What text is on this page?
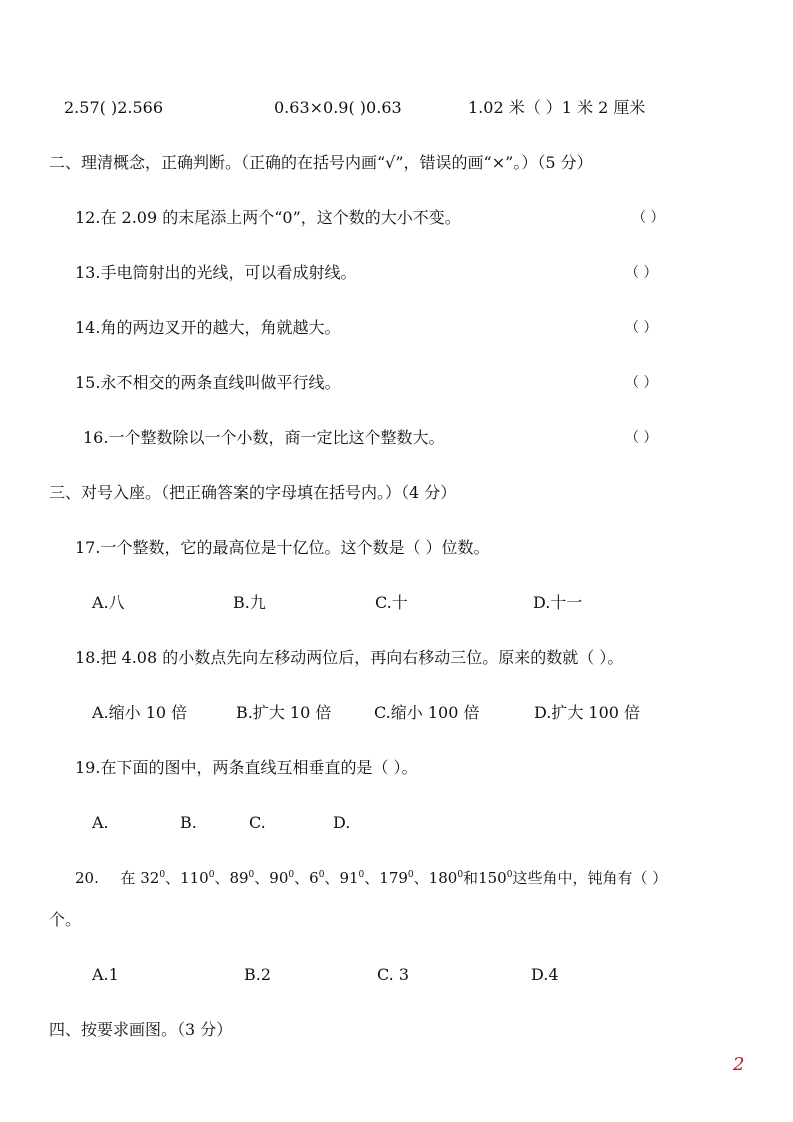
2.57( )2.566	0.63×0.9( )0.63	1.02 米（ ）1 米 2 厘米
二、理清概念，正确判断。（正确的在括号内画“√”，错误的画“×”。）（5 分）
12.在 2.09 的末尾添上两个“0”，这个数的大小不变。	（ ）
13.手电筒射出的光线，可以看成射线。	（ ）
14.角的两边叉开的越大，角就越大。	（ ）
15.永不相交的两条直线叫做平行线。	（ ）
16.一个整数除以一个小数，商一定比这个整数大。	（ ）
三、对号入座。（把正确答案的字母填在括号内。）（4 分）
17.一个整数，它的最高位是十亿位。这个数是（ ）位数。
A.八	B.九	C.十	D.十一
18.把 4.08 的小数点先向左移动两位后，再向右移动三位。原来的数就（ ）。
A.缩小 10 倍	B.扩大 10 倍	C.缩小 100 倍	D.扩大 100 倍
19.在下面的图中，两条直线互相垂直的是（ ）。
A.	B.	C.	D.
20. 在 $32^0$、$110^0$、$89^0$、$90^0$、$6^0$、$91^0$、$179^0$、$180^0$和$150^0$这些角中，钝角有（ ）
个。
A.1	B.2	C. 3	D.4
四、按要求画图。（3 分）
2
